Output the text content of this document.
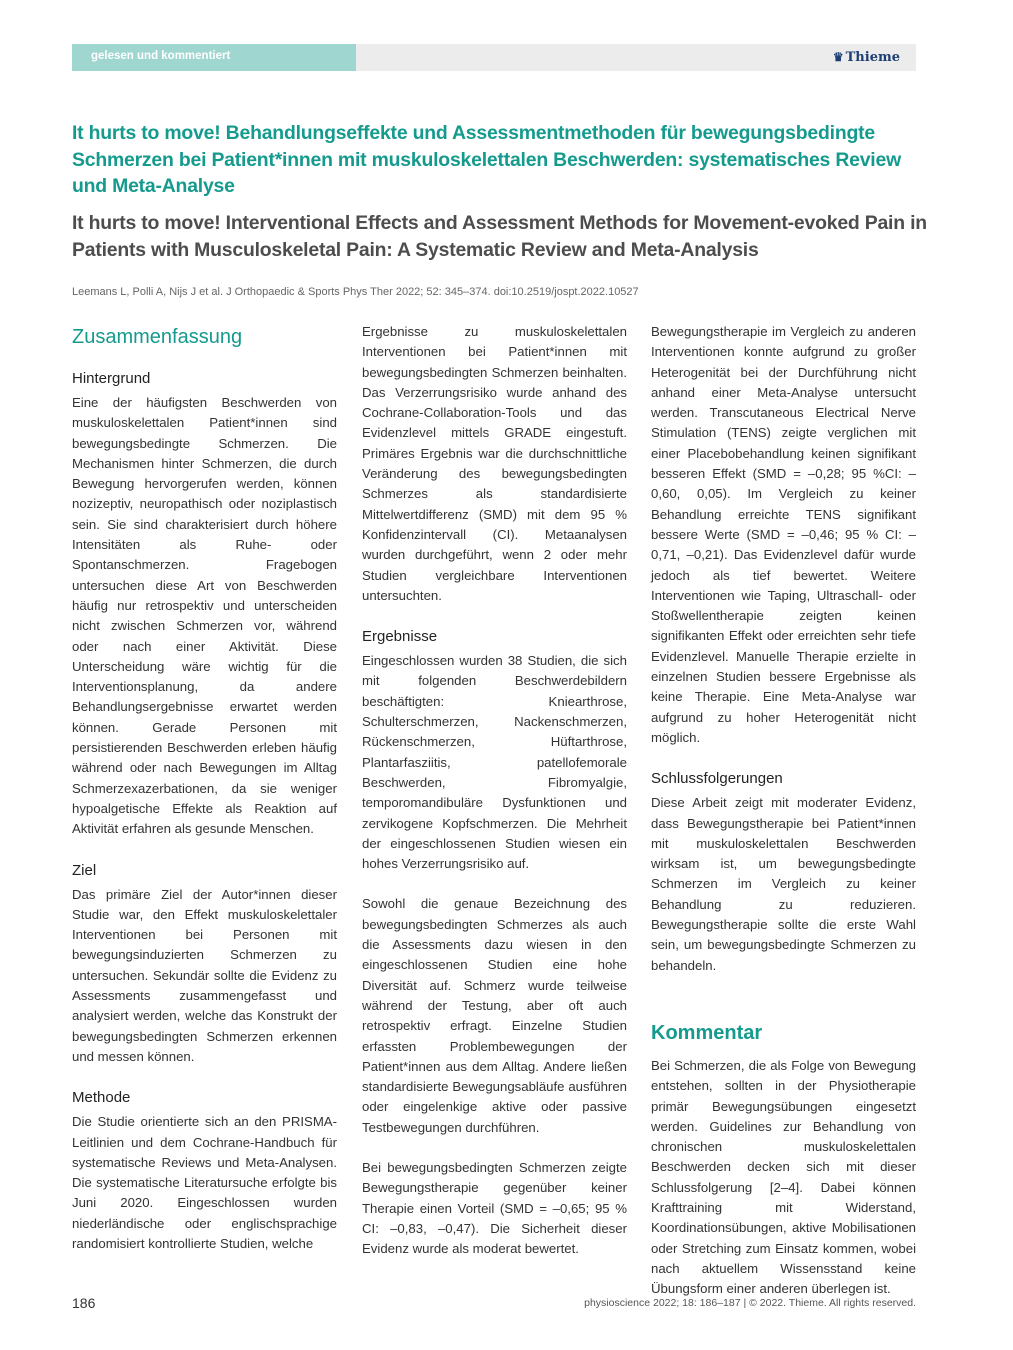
gelesen und kommentiert	♛ Thieme
It hurts to move! Behandlungseffekte und Assessmentmethoden für bewegungsbedingte Schmerzen bei Patient*innen mit muskuloskelettalen Beschwerden: systematisches Review und Meta-Analyse
It hurts to move! Interventional Effects and Assessment Methods for Movement-evoked Pain in Patients with Musculoskeletal Pain: A Systematic Review and Meta-Analysis
Leemans L, Polli A, Nijs J et al. J Orthopaedic & Sports Phys Ther 2022; 52: 345–374. doi:10.2519/jospt.2022.10527
Zusammenfassung
Hintergrund

Eine der häufigsten Beschwerden von muskuloskelettalen Patient*innen sind bewegungsbedingte Schmerzen. Die Mechanismen hinter Schmerzen, die durch Bewegung hervorgerufen werden, können nozizeptiv, neuropathisch oder noziplastisch sein. Sie sind charakterisiert durch höhere Intensitäten als Ruhe- oder Spontanschmerzen. Fragebogen untersuchen diese Art von Beschwerden häufig nur retrospektiv und unterscheiden nicht zwischen Schmerzen vor, während oder nach einer Aktivität. Diese Unterscheidung wäre wichtig für die Interventionsplanung, da andere Behandlungsergebnisse erwartet werden können. Gerade Personen mit persistierenden Beschwerden erleben häufig während oder nach Bewegungen im Alltag Schmerzexazerbationen, da sie weniger hypoalgetische Effekte als Reaktion auf Aktivität erfahren als gesunde Menschen.

Ziel

Das primäre Ziel der Autor*innen dieser Studie war, den Effekt muskuloskelettaler Interventionen bei Personen mit bewegungsinduzierten Schmerzen zu untersuchen. Sekundär sollte die Evidenz zu Assessments zusammengefasst und analysiert werden, welche das Konstrukt der bewegungsbedingten Schmerzen erkennen und messen können.

Methode

Die Studie orientierte sich an den PRISMA-Leitlinien und dem Cochrane-Handbuch für systematische Reviews und Meta-Analysen. Die systematische Literatursuche erfolgte bis Juni 2020. Eingeschlossen wurden niederländische oder englischsprachige randomisiert kontrollierte Studien, welche

Ergebnisse zu muskuloskelettalen Interventionen bei Patient*innen mit bewegungsbedingten Schmerzen beinhalten. Das Verzerrungsrisiko wurde anhand des Cochrane-Collaboration-Tools und das Evidenzlevel mittels GRADE eingestuft. Primäres Ergebnis war die durchschnittliche Veränderung des bewegungsbedingten Schmerzes als standardisierte Mittelwertdifferenz (SMD) mit dem 95 % Konfidenzintervall (CI). Metaanalysen wurden durchgeführt, wenn 2 oder mehr Studien vergleichbare Interventionen untersuchten.

Ergebnisse

Eingeschlossen wurden 38 Studien, die sich mit folgenden Beschwerdebildern beschäftigten: Kniearthrose, Schulterschmerzen, Nackenschmerzen, Rückenschmerzen, Hüftarthrose, Plantarfasziitis, patellofemorale Beschwerden, Fibromyalgie, temporomandibuläre Dysfunktionen und zervikogene Kopfschmerzen. Die Mehrheit der eingeschlossenen Studien wiesen ein hohes Verzerrungsrisiko auf.

Sowohl die genaue Bezeichnung des bewegungsbedingten Schmerzes als auch die Assessments dazu wiesen in den eingeschlossenen Studien eine hohe Diversität auf. Schmerz wurde teilweise während der Testung, aber oft auch retrospektiv erfragt. Einzelne Studien erfassten Problembewegungen der Patient*innen aus dem Alltag. Andere ließen standardisierte Bewegungsabläufe ausführen oder eingelenkige aktive oder passive Testbewegungen durchführen.

Bei bewegungsbedingten Schmerzen zeigte Bewegungstherapie gegenüber keiner Therapie einen Vorteil (SMD = –0,65; 95 % CI: –0,83, –0,47). Die Sicherheit dieser Evidenz wurde als moderat bewertet.

Bewegungstherapie im Vergleich zu anderen Interventionen konnte aufgrund zu großer Heterogenität bei der Durchführung nicht anhand einer Meta-Analyse untersucht werden. Transcutaneous Electrical Nerve Stimulation (TENS) zeigte verglichen mit einer Placebobehandlung keinen signifikant besseren Effekt (SMD = –0,28; 95 %CI: –0,60, 0,05). Im Vergleich zu keiner Behandlung erreichte TENS signifikant bessere Werte (SMD = –0,46; 95 % CI: –0,71, –0,21). Das Evidenzlevel dafür wurde jedoch als tief bewertet. Weitere Interventionen wie Taping, Ultraschall- oder Stoßwellentherapie zeigten keinen signifikanten Effekt oder erreichten sehr tiefe Evidenzlevel. Manuelle Therapie erzielte in einzelnen Studien bessere Ergebnisse als keine Therapie. Eine Meta-Analyse war aufgrund zu hoher Heterogenität nicht möglich.

Schlussfolgerungen

Diese Arbeit zeigt mit moderater Evidenz, dass Bewegungstherapie bei Patient*innen mit muskuloskelettalen Beschwerden wirksam ist, um bewegungsbedingte Schmerzen im Vergleich zu keiner Behandlung zu reduzieren. Bewegungstherapie sollte die erste Wahl sein, um bewegungsbedingte Schmerzen zu behandeln.

Kommentar

Bei Schmerzen, die als Folge von Bewegung entstehen, sollten in der Physiotherapie primär Bewegungsübungen eingesetzt werden. Guidelines zur Behandlung von chronischen muskuloskelettalen Beschwerden decken sich mit dieser Schlussfolgerung [2–4]. Dabei können Krafttraining mit Widerstand, Koordinationsübungen, aktive Mobilisationen oder Stretching zum Einsatz kommen, wobei nach aktuellem Wissensstand keine Übungsform einer anderen überlegen ist.

186	physioscience 2022; 18: 186–187 | © 2022. Thieme. All rights reserved.
